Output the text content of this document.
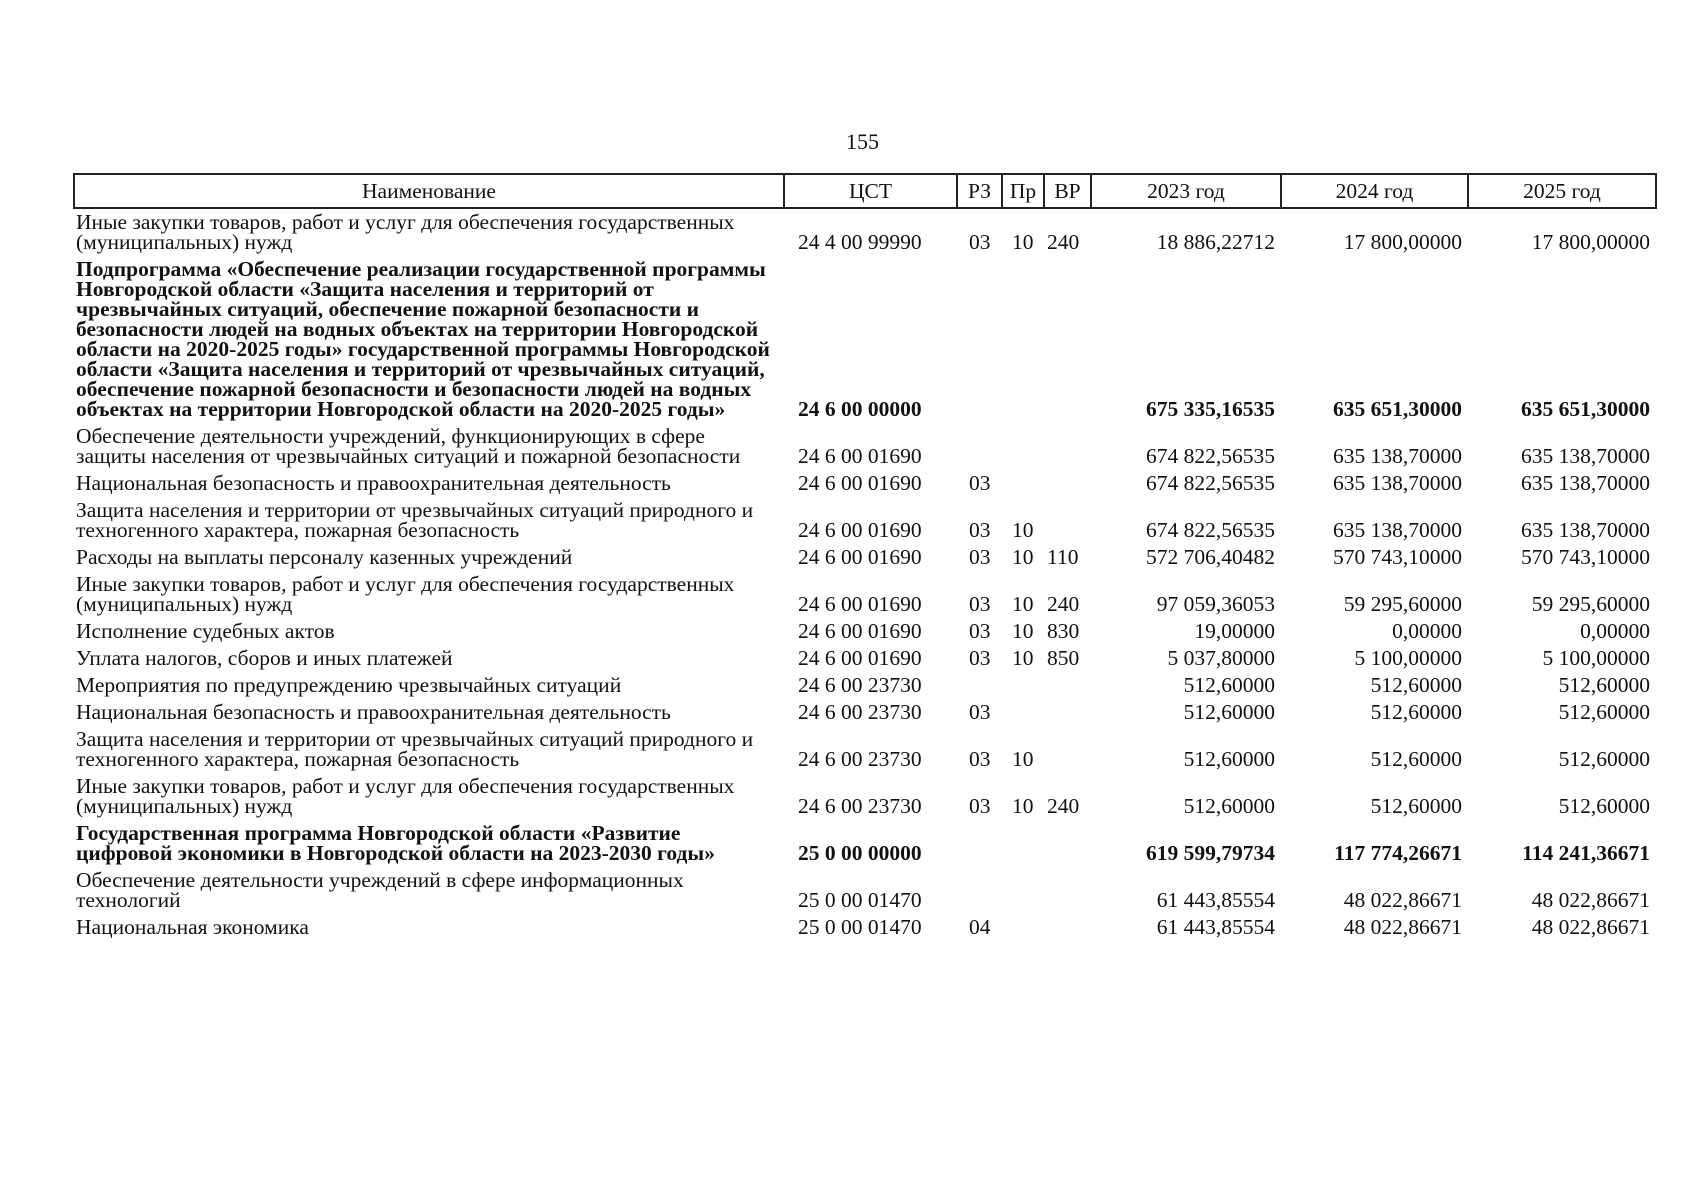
155
Наименование	ЦСТ	РЗ	Пр	ВР	2023 год	2024 год	2025 год
Иные закупки товаров, работ и услуг для обеспечения государственных (муниципальных) нужд	24 4 00 99990	03	10	240	18 886,22712	17 800,00000	17 800,00000
Подпрограмма «Обеспечение реализации государственной программы Новгородской области «Защита населения и территорий от чрезвычайных ситуаций, обеспечение пожарной безопасности и безопасности людей на водных объектах на территории Новгородской области на 2020-2025 годы» государственной программы Новгородской области «Защита населения и территорий от чрезвычайных ситуаций, обеспечение пожарной безопасности и безопасности людей на водных объектах на территории Новгородской области на 2020-2025 годы»	24 6 00 00000				675 335,16535	635 651,30000	635 651,30000
Обеспечение деятельности учреждений, функционирующих в сфере защиты населения от чрезвычайных ситуаций и пожарной безопасности	24 6 00 01690				674 822,56535	635 138,70000	635 138,70000
Национальная безопасность и правоохранительная деятельность	24 6 00 01690	03			674 822,56535	635 138,70000	635 138,70000
Защита населения и территории от чрезвычайных ситуаций природного и техногенного характера, пожарная безопасность	24 6 00 01690	03	10		674 822,56535	635 138,70000	635 138,70000
Расходы на выплаты персоналу казенных учреждений	24 6 00 01690	03	10	110	572 706,40482	570 743,10000	570 743,10000
Иные закупки товаров, работ и услуг для обеспечения государственных (муниципальных) нужд	24 6 00 01690	03	10	240	97 059,36053	59 295,60000	59 295,60000
Исполнение судебных актов	24 6 00 01690	03	10	830	19,00000	0,00000	0,00000
Уплата налогов, сборов и иных платежей	24 6 00 01690	03	10	850	5 037,80000	5 100,00000	5 100,00000
Мероприятия по предупреждению чрезвычайных ситуаций	24 6 00 23730				512,60000	512,60000	512,60000
Национальная безопасность и правоохранительная деятельность	24 6 00 23730	03			512,60000	512,60000	512,60000
Защита населения и территории от чрезвычайных ситуаций природного и техногенного характера, пожарная безопасность	24 6 00 23730	03	10		512,60000	512,60000	512,60000
Иные закупки товаров, работ и услуг для обеспечения государственных (муниципальных) нужд	24 6 00 23730	03	10	240	512,60000	512,60000	512,60000
Государственная программа Новгородской области «Развитие цифровой экономики в Новгородской области на 2023-2030 годы»	25 0 00 00000				619 599,79734	117 774,26671	114 241,36671
Обеспечение деятельности учреждений в сфере информационных технологий	25 0 00 01470				61 443,85554	48 022,86671	48 022,86671
Национальная экономика	25 0 00 01470	04			61 443,85554	48 022,86671	48 022,86671
